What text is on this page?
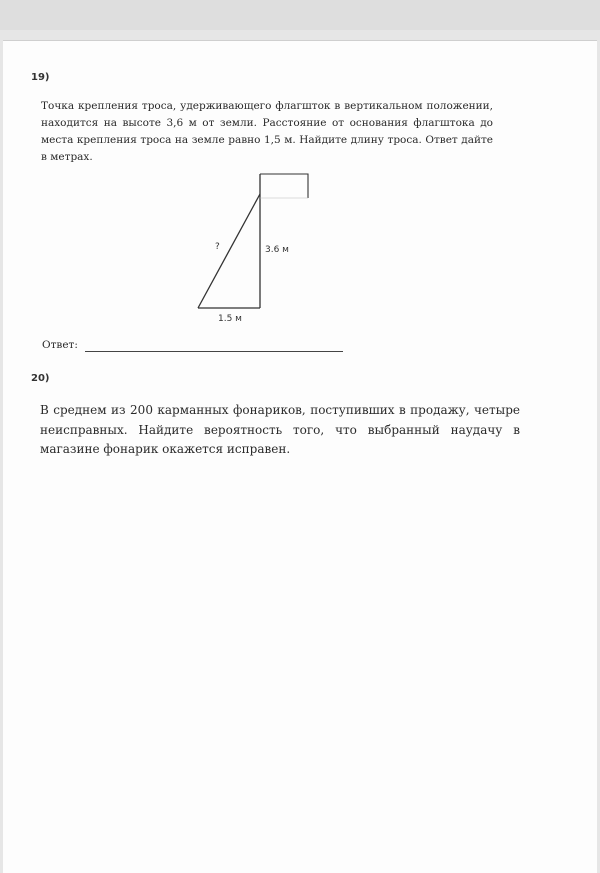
19)
Точка крепления троса, удерживающего флагшток в вертикальном положении, находится на высоте 3,6 м от земли. Расстояние от основания флагштока до места крепления троса на земле равно 1,5 м. Найдите длину троса. Ответ дайте в метрах.
?	3.6 м
1.5 м
Ответ:
20)
В среднем из 200 карманных фонариков, поступивших в продажу, четыре неисправных. Найдите вероятность того, что выбранный наудачу в магазине фонарик окажется исправен.
